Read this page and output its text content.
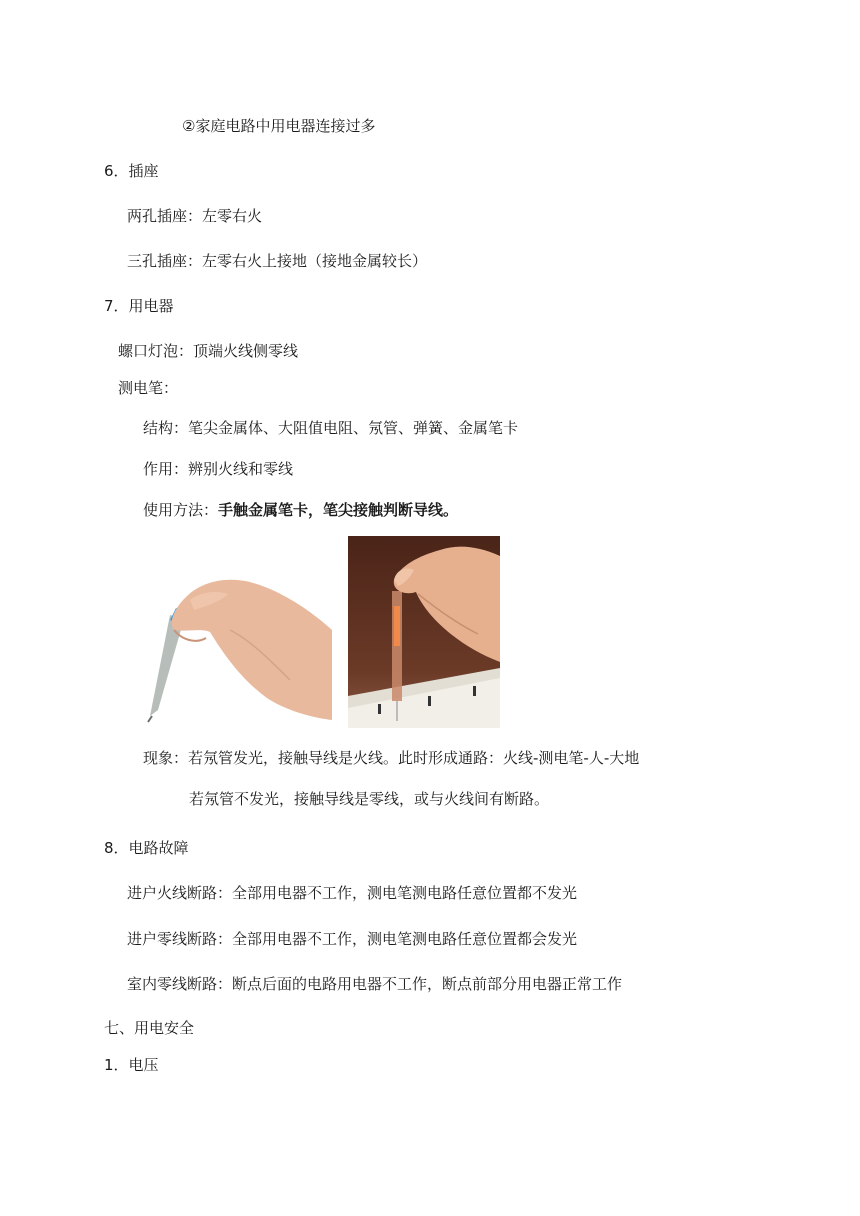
②家庭电路中用电器连接过多
6．插座
两孔插座：左零右火
三孔插座：左零右火上接地（接地金属较长）
7．用电器
螺口灯泡：顶端火线侧零线
测电笔：
结构：笔尖金属体、大阻值电阻、氖管、弹簧、金属笔卡
作用：辨别火线和零线
使用方法：手触金属笔卡，笔尖接触判断导线。
现象：若氖管发光，接触导线是火线。此时形成通路：火线-测电笔-人-大地
若氖管不发光，接触导线是零线，或与火线间有断路。
8．电路故障
进户火线断路：全部用电器不工作，测电笔测电路任意位置都不发光
进户零线断路：全部用电器不工作，测电笔测电路任意位置都会发光
室内零线断路：断点后面的电路用电器不工作，断点前部分用电器正常工作
七、用电安全
1．电压
